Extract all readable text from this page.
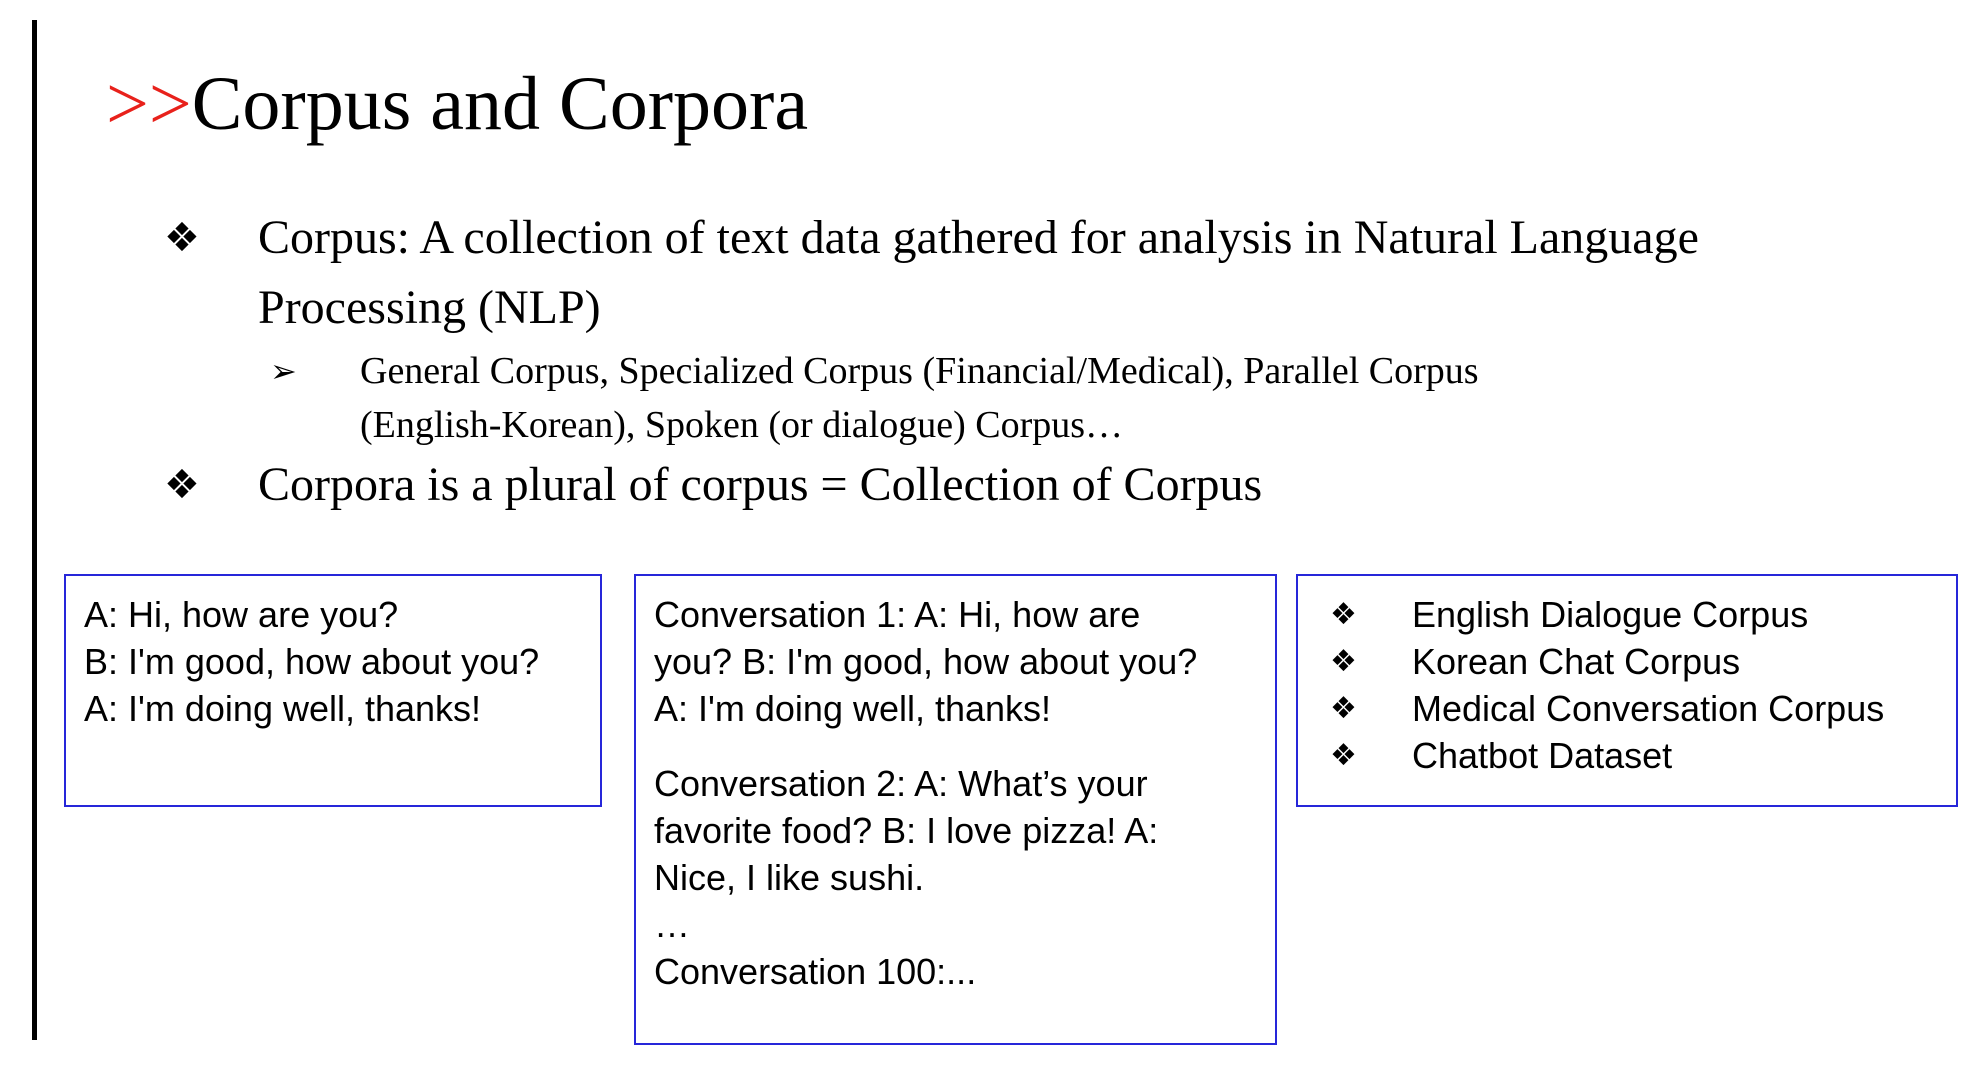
>>Corpus and Corpora
❖ Corpus: A collection of text data gathered for analysis in Natural Language
Processing (NLP)
➢ General Corpus, Specialized Corpus (Financial/Medical), Parallel Corpus
(English-Korean), Spoken (or dialogue) Corpus…
❖ Corpora is a plural of corpus = Collection of Corpus
A: Hi, how are you?
B: I'm good, how about you?
A: I'm doing well, thanks!
Conversation 1: A: Hi, how are
you? B: I'm good, how about you?
A: I'm doing well, thanks!
Conversation 2: A: What’s your
favorite food? B: I love pizza! A:
Nice, I like sushi.
…
Conversation 100:...
❖ English Dialogue Corpus
❖ Korean Chat Corpus
❖ Medical Conversation Corpus
❖ Chatbot Dataset
